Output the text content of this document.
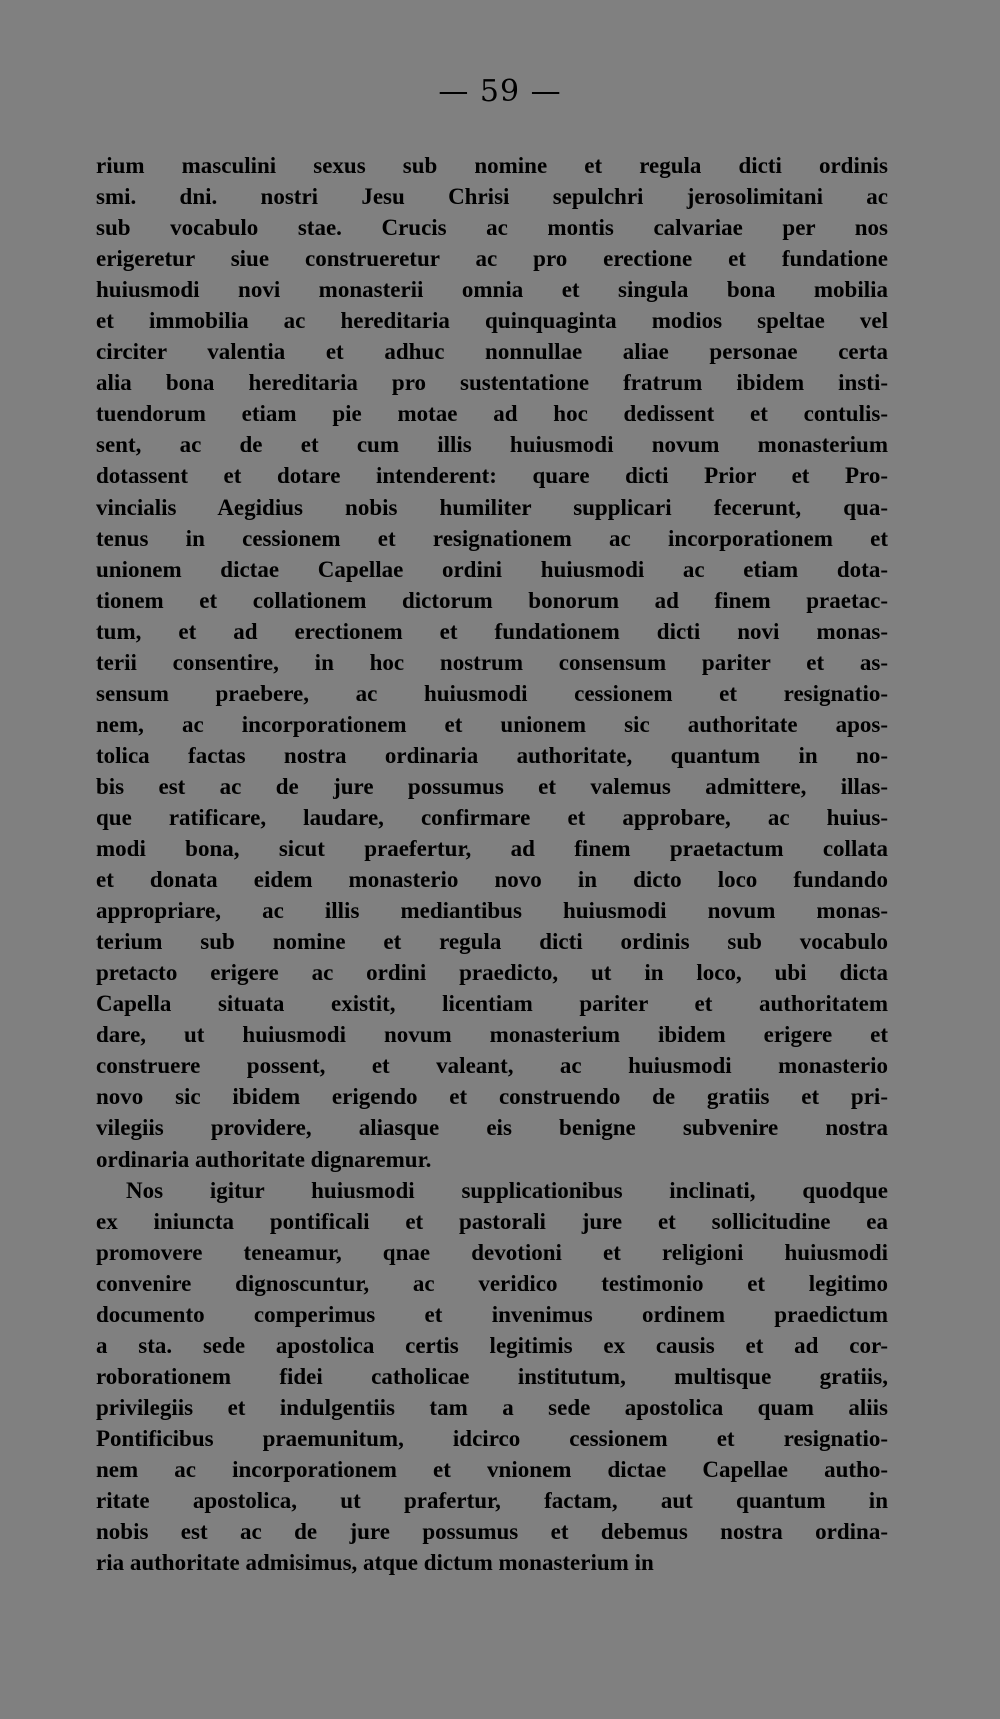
— 59 —
rium masculini sexus sub nomine et regula dicti ordinis
smi. dni. nostri Jesu Chrisi sepulchri jerosolimitani ac
sub vocabulo stae. Crucis ac montis calvariae per nos
erigeretur siue construeretur ac pro erectione et fundatione
huiusmodi novi monasterii omnia et singula bona mobilia
et immobilia ac hereditaria quinquaginta modios speltae vel
circiter valentia et adhuc nonnullae aliae personae certa
alia bona hereditaria pro sustentatione fratrum ibidem insti-
tuendorum etiam pie motae ad hoc dedissent et contulis-
sent, ac de et cum illis huiusmodi novum monasterium
dotassent et dotare intenderent: quare dicti Prior et Pro-
vincialis Aegidius nobis humiliter supplicari fecerunt, qua-
tenus in cessionem et resignationem ac incorporationem et
unionem dictae Capellae ordini huiusmodi ac etiam dota-
tionem et collationem dictorum bonorum ad finem praetac-
tum, et ad erectionem et fundationem dicti novi monas-
terii consentire, in hoc nostrum consensum pariter et as-
sensum praebere, ac huiusmodi cessionem et resignatio-
nem, ac incorporationem et unionem sic authoritate apos-
tolica factas nostra ordinaria authoritate, quantum in no-
bis est ac de jure possumus et valemus admittere, illas-
que ratificare, laudare, confirmare et approbare, ac huius-
modi bona, sicut praefertur, ad finem praetactum collata
et donata eidem monasterio novo in dicto loco fundando
appropriare, ac illis mediantibus huiusmodi novum monas-
terium sub nomine et regula dicti ordinis sub vocabulo
pretacto erigere ac ordini praedicto, ut in loco, ubi dicta
Capella situata existit, licentiam pariter et authoritatem
dare, ut huiusmodi novum monasterium ibidem erigere et
construere possent, et valeant, ac huiusmodi monasterio
novo sic ibidem erigendo et construendo de gratiis et pri-
vilegiis providere, aliasque eis benigne subvenire nostra
ordinaria authoritate dignaremur.
Nos igitur huiusmodi supplicationibus inclinati, quodque
ex iniuncta pontificali et pastorali jure et sollicitudine ea
promovere teneamur, qnae devotioni et religioni huiusmodi
convenire dignoscuntur, ac veridico testimonio et legitimo
documento comperimus et invenimus ordinem praedictum
a sta. sede apostolica certis legitimis ex causis et ad cor-
roborationem fidei catholicae institutum, multisque gratiis,
privilegiis et indulgentiis tam a sede apostolica quam aliis
Pontificibus praemunitum, idcirco cessionem et resignatio-
nem ac incorporationem et vnionem dictae Capellae autho-
ritate apostolica, ut prafertur, factam, aut quantum in
nobis est ac de jure possumus et debemus nostra ordina-
ria authoritate admisimus, atque dictum monasterium in
